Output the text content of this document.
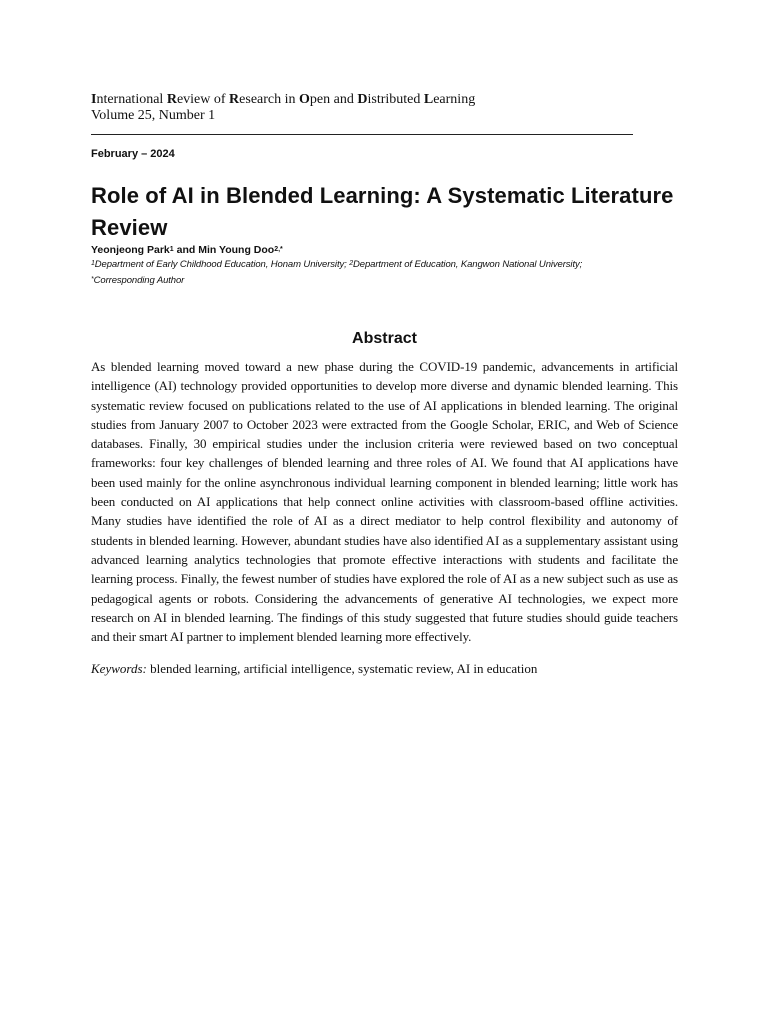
International Review of Research in Open and Distributed Learning
Volume 25, Number 1
February – 2024
Role of AI in Blended Learning: A Systematic Literature Review
Yeonjeong Park$^1$ and Min Young Doo$^{2,*}$
$^1$Department of Early Childhood Education, Honam University; $^2$Department of Education, Kangwon National University;
*Corresponding Author
Abstract
As blended learning moved toward a new phase during the COVID-19 pandemic, advancements in artificial intelligence (AI) technology provided opportunities to develop more diverse and dynamic blended learning. This systematic review focused on publications related to the use of AI applications in blended learning. The original studies from January 2007 to October 2023 were extracted from the Google Scholar, ERIC, and Web of Science databases. Finally, 30 empirical studies under the inclusion criteria were reviewed based on two conceptual frameworks: four key challenges of blended learning and three roles of AI. We found that AI applications have been used mainly for the online asynchronous individual learning component in blended learning; little work has been conducted on AI applications that help connect online activities with classroom-based offline activities. Many studies have identified the role of AI as a direct mediator to help control flexibility and autonomy of students in blended learning. However, abundant studies have also identified AI as a supplementary assistant using advanced learning analytics technologies that promote effective interactions with students and facilitate the learning process. Finally, the fewest number of studies have explored the role of AI as a new subject such as use as pedagogical agents or robots. Considering the advancements of generative AI technologies, we expect more research on AI in blended learning. The findings of this study suggested that future studies should guide teachers and their smart AI partner to implement blended learning more effectively.
Keywords: blended learning, artificial intelligence, systematic review, AI in education
